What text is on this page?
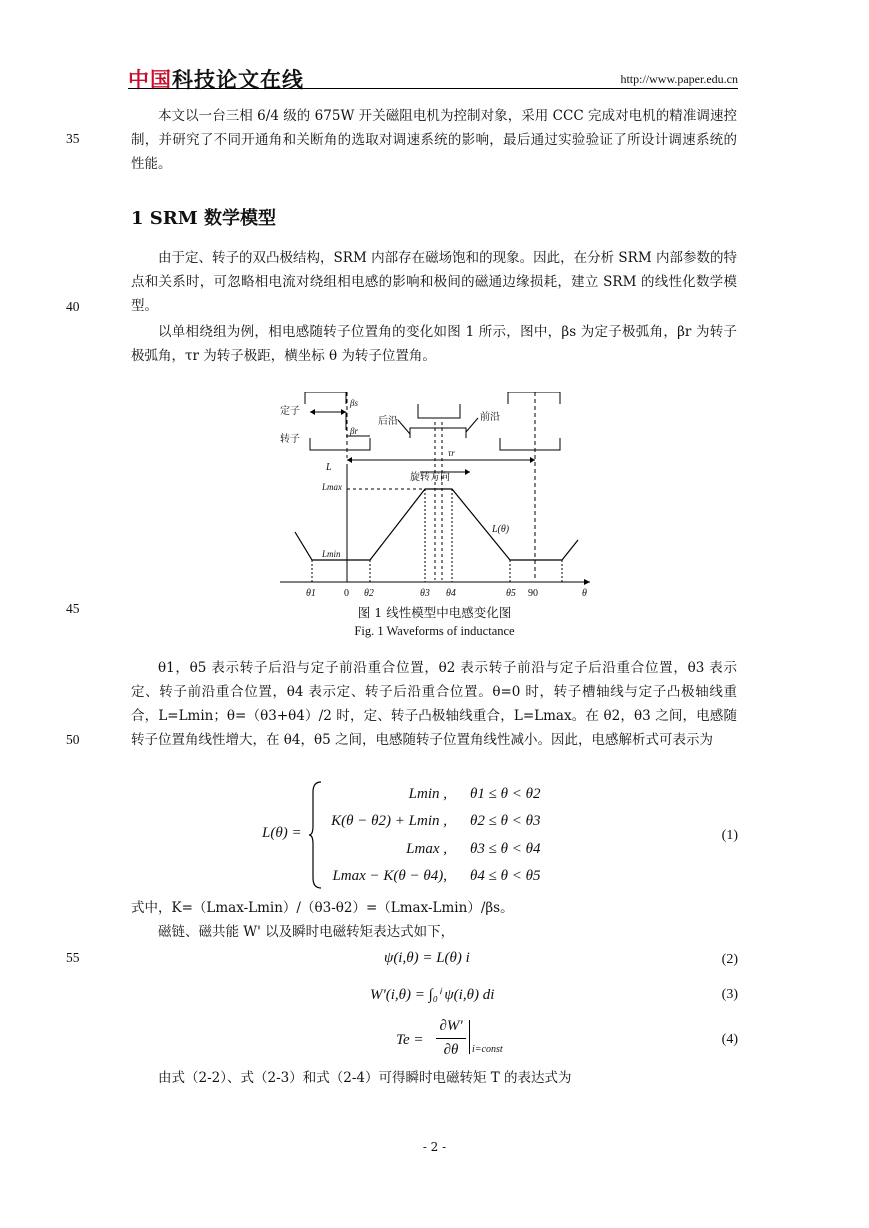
中国科技论文在线	http://www.paper.edu.cn
35
40
45
50
55
本文以一台三相 6/4 级的 675W 开关磁阻电机为控制对象，采用 CCC 完成对电机的精准调速控制，并研究了不同开通角和关断角的选取对调速系统的影响，最后通过实验验证了所设计调速系统的性能。
1 SRM 数学模型
由于定、转子的双凸极结构，SRM 内部存在磁场饱和的现象。因此，在分析 SRM 内部参数的特点和关系时，可忽略相电流对绕组相电感的影响和极间的磁通边缘损耗，建立 SRM 的线性化数学模型。
以单相绕组为例，相电感随转子位置角的变化如图 1 所示，图中，βs 为定子极弧角，βr 为转子极弧角，τr 为转子极距，横坐标 θ 为转子位置角。
定子
转子
后沿	前沿
旋转方向
βs
βr
τr
L
Lmax
Lmin
L(θ)
θ
θ1	0 θ2	θ3 θ4	θ5 90
图 1 线性模型中电感变化图
Fig. 1 Waveforms of inductance
θ1，θ5 表示转子后沿与定子前沿重合位置，θ2 表示转子前沿与定子后沿重合位置，θ3 表示定、转子前沿重合位置，θ4 表示定、转子后沿重合位置。θ=0 时，转子槽轴线与定子凸极轴线重合，L=Lmin；θ=（θ3+θ4）/2 时，定、转子凸极轴线重合，L=Lmax。在 θ2，θ3 之间，电感随转子位置角线性增大，在 θ4，θ5 之间，电感随转子位置角线性减小。因此，电感解析式可表示为
L(θ) =
Lmin , θ1 ≤ θ < θ2
K(θ − θ2) + Lmin , θ2 ≤ θ < θ3
Lmax , θ3 ≤ θ < θ4
Lmax − K(θ − θ4), θ4 ≤ θ < θ5
(1)
式中，K=（Lmax-Lmin）/（θ3-θ2）=（Lmax-Lmin）/βs。
磁链、磁共能 W' 以及瞬时电磁转矩表达式如下，
ψ(i,θ) = L(θ) i	(2)
W'(i,θ) = ∫₀ⁱ ψ(i,θ) di	(3)
Te =
∂W'
∂θ	i=const
(4)
由式（2-2）、式（2-3）和式（2-4）可得瞬时电磁转矩 T 的表达式为
- 2 -
